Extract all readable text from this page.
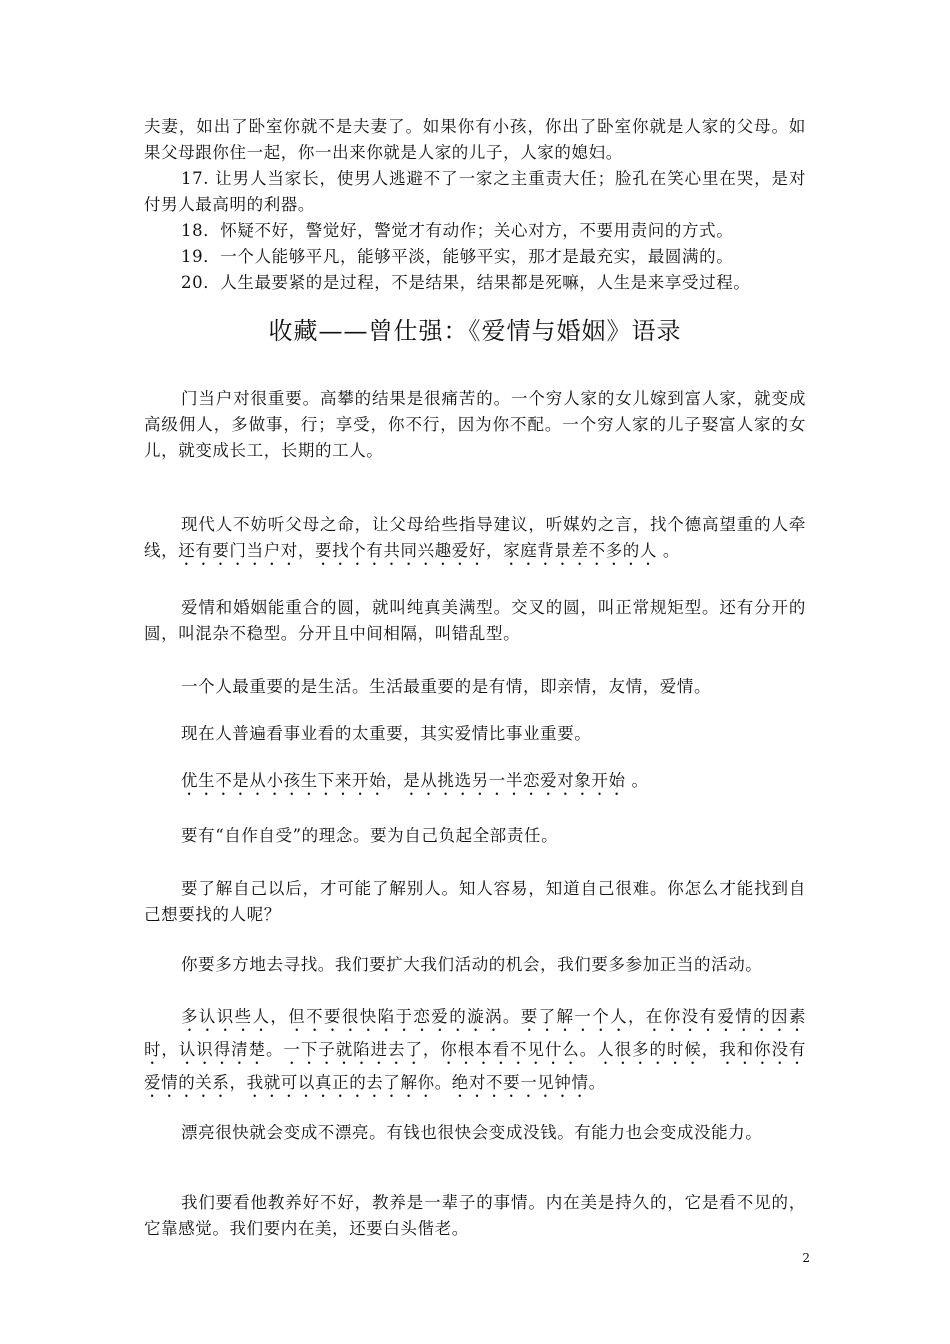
夫妻，如出了卧室你就不是夫妻了。如果你有小孩，你出了卧室你就是人家的父母。如果父母跟你住一起，你一出来你就是人家的儿子，人家的媳妇。

17. 让男人当家长，使男人逃避不了一家之主重责大任；脸孔在笑心里在哭，是对付男人最高明的利器。

18．怀疑不好，警觉好，警觉才有动作；关心对方，不要用责问的方式。

19．一个人能够平凡，能够平淡，能够平实，那才是最充实，最圆满的。

20．人生最要紧的是过程，不是结果，结果都是死嘛，人生是来享受过程。

收藏——曾仕强：《爱情与婚姻》语录

门当户对很重要。高攀的结果是很痛苦的。一个穷人家的女儿嫁到富人家，就变成高级佣人，多做事，行；享受，你不行，因为你不配。一个穷人家的儿子娶富人家的女儿，就变成长工，长期的工人。

现代人不妨听父母之命，让父母给些指导建议，听媒妁之言，找个德高望重的人牵线，还有要门当户对，要找个有共同兴趣爱好，家庭背景差不多的人 。

爱情和婚姻能重合的圆，就叫纯真美满型。交叉的圆，叫正常规矩型。还有分开的圆，叫混杂不稳型。分开且中间相隔，叫错乱型。

一个人最重要的是生活。生活最重要的是有情，即亲情，友情，爱情。

现在人普遍看事业看的太重要，其实爱情比事业重要。

优生不是从小孩生下来开始，是从挑选另一半恋爱对象开始 。

要有“自作自受”的理念。要为自己负起全部责任。

要了解自己以后，才可能了解别人。知人容易，知道自己很难。你怎么才能找到自己想要找的人呢？

你要多方地去寻找。我们要扩大我们活动的机会，我们要多参加正当的活动。

多认识些人，但不要很快陷于恋爱的漩涡。要了解一个人，在你没有爱情的因素时，认识得清楚。一下子就陷进去了，你根本看不见什么。人很多的时候，我和你没有爱情的关系，我就可以真正的去了解你。绝对不要一见钟情。

漂亮很快就会变成不漂亮。有钱也很快会变成没钱。有能力也会变成没能力。

我们要看他教养好不好，教养是一辈子的事情。内在美是持久的，它是看不见的，它靠感觉。我们要内在美，还要白头偕老。

2
